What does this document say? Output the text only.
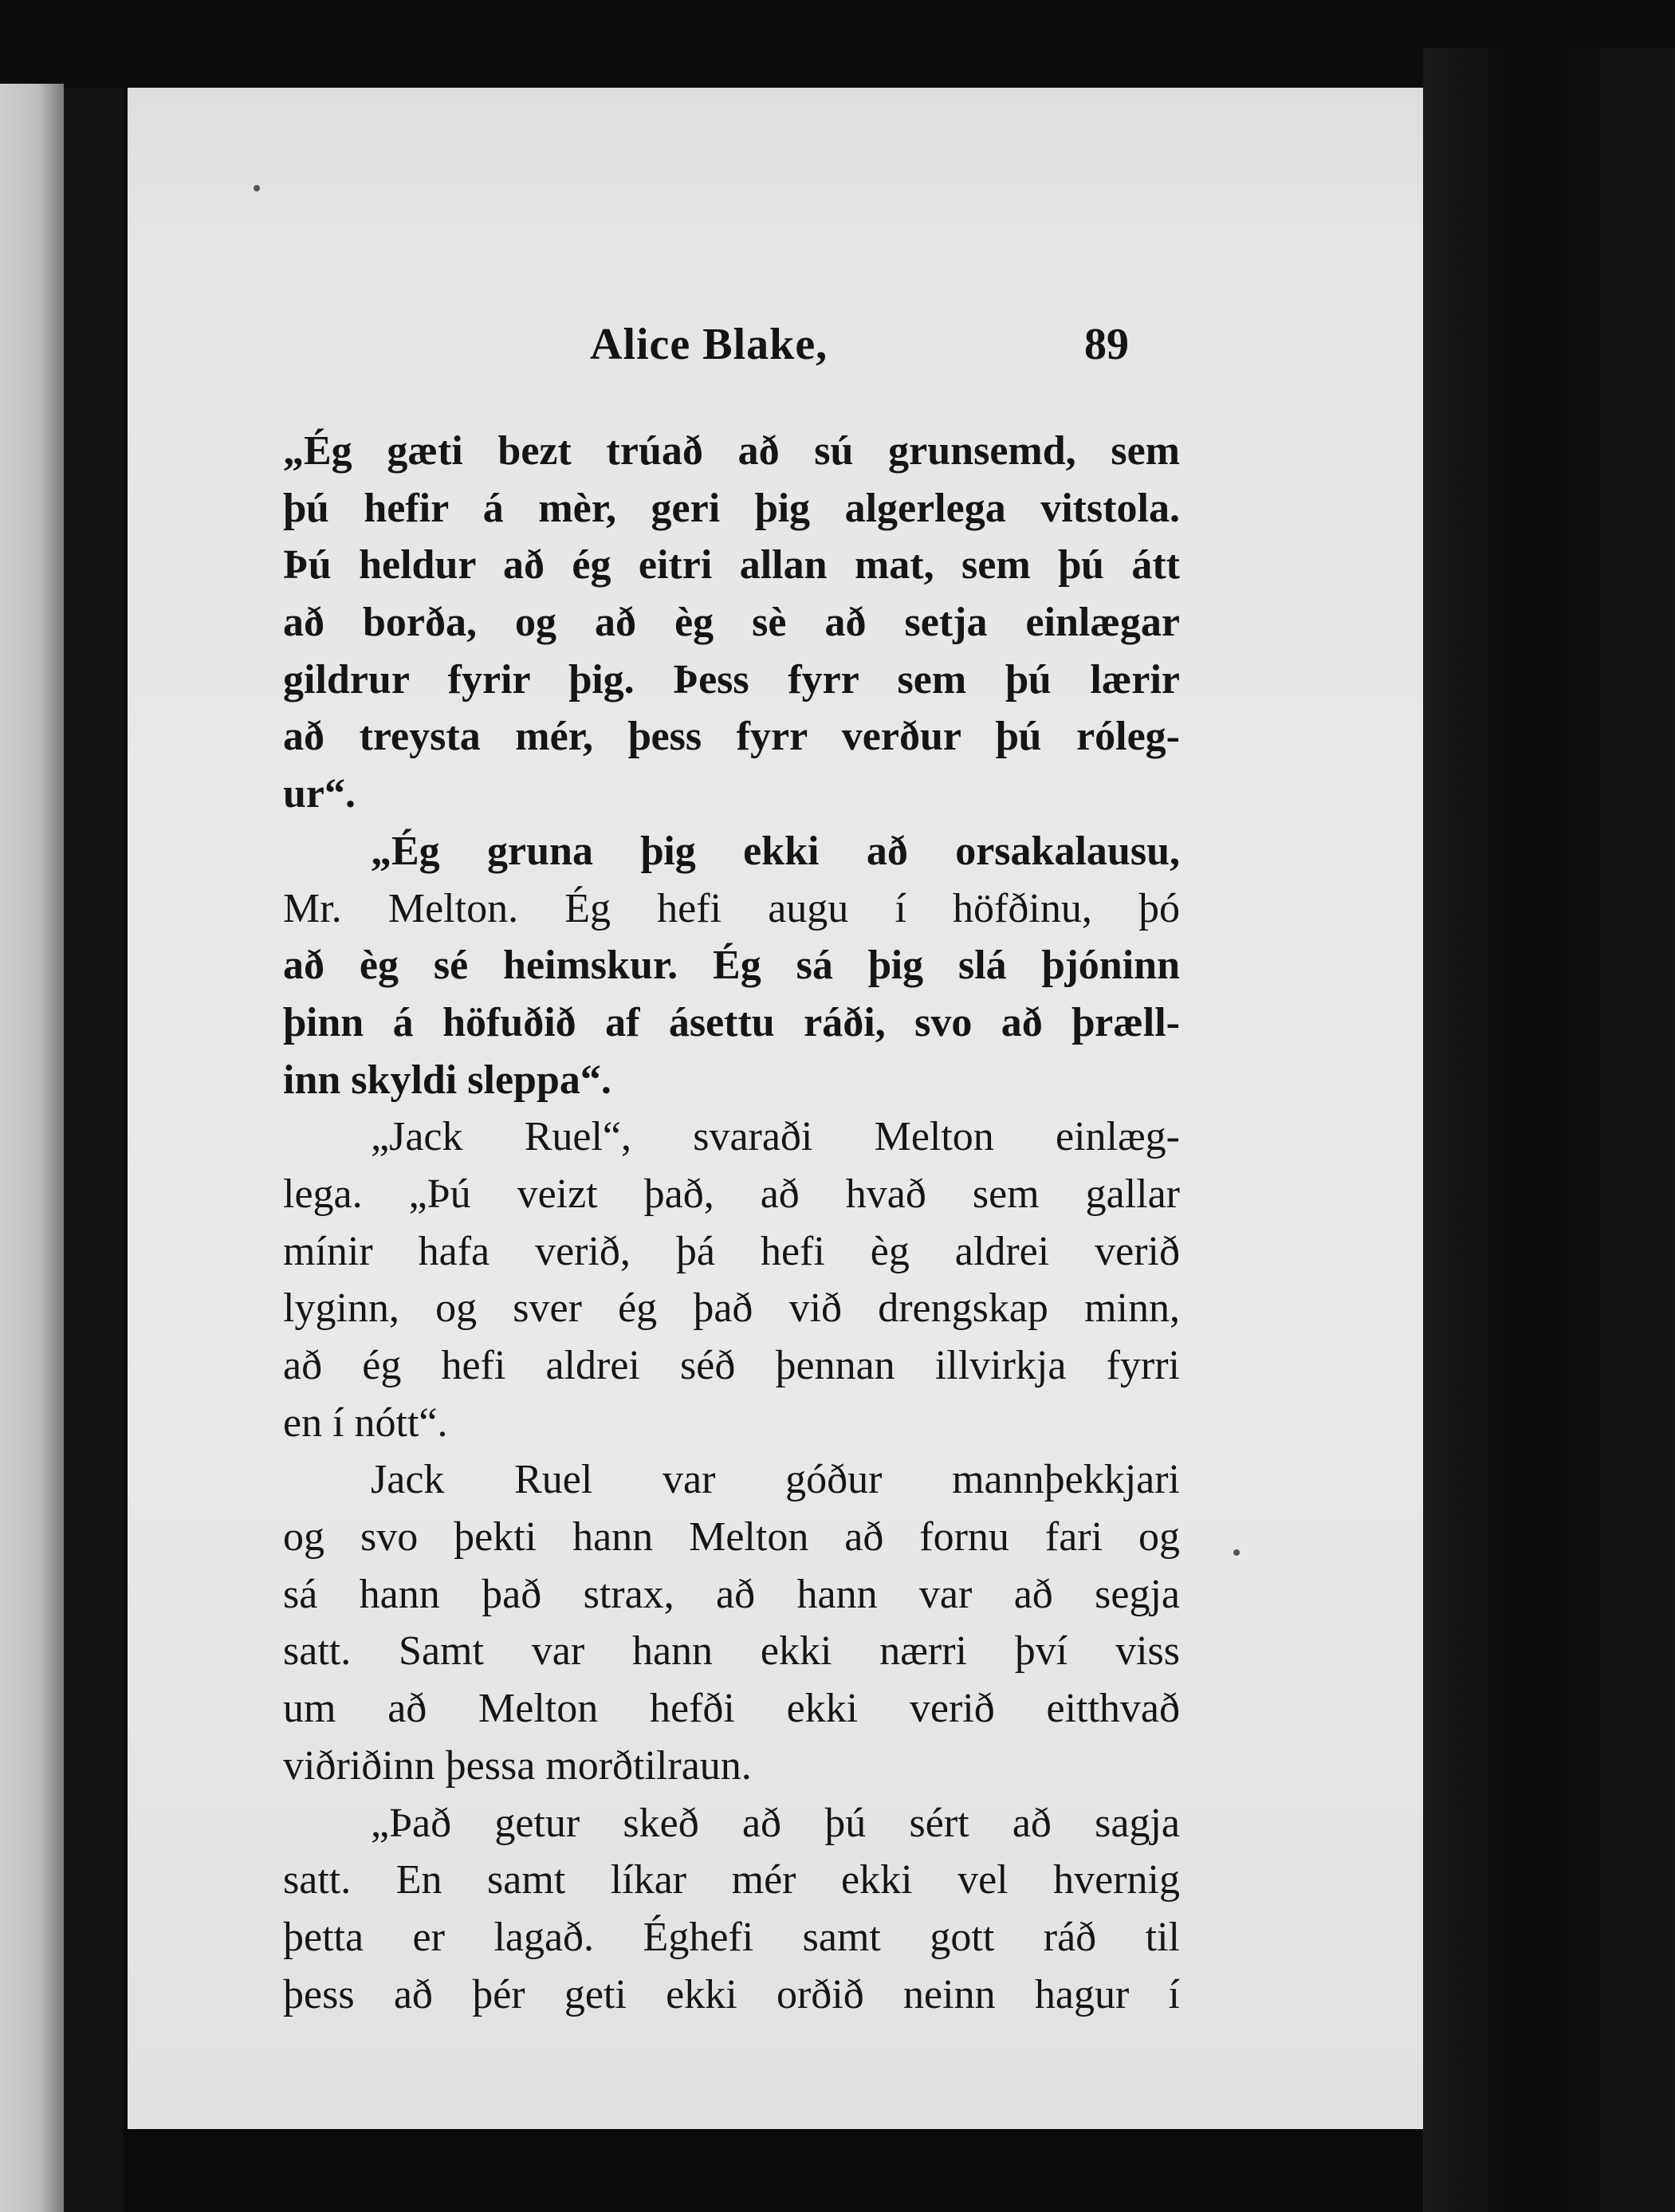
Alice Blake,	89
„Ég gæti bezt trúað að sú grunsemd, sem
þú hefir á mèr, geri þig algerlega vitstola.
Þú heldur að ég eitri allan mat, sem þú átt
að borða, og að èg sè að setja einlægar
gildrur fyrir þig. Þess fyrr sem þú lærir
að treysta mér, þess fyrr verður þú róleg-
ur“.
„Ég gruna þig ekki að orsakalausu,
Mr. Melton. Ég hefi augu í höfðinu, þó
að èg sé heimskur. Ég sá þig slá þjóninn
þinn á höfuðið af ásettu ráði, svo að þræll-
inn skyldi sleppa“.
„Jack Ruel“, svaraði Melton einlæg-
lega. „Þú veizt það, að hvað sem gallar
mínir hafa verið, þá hefi èg aldrei verið
lyginn, og sver ég það við drengskap minn,
að ég hefi aldrei séð þennan illvirkja fyrri
en í nótt“.
Jack Ruel var góður mannþekkjari
og svo þekti hann Melton að fornu fari og
sá hann það strax, að hann var að segja
satt. Samt var hann ekki nærri því viss
um að Melton hefði ekki verið eitthvað
viðriðinn þessa morðtilraun.
„Það getur skeð að þú sért að sagja
satt. En samt líkar mér ekki vel hvernig
þetta er lagað. Éghefi samt gott ráð til
þess að þér geti ekki orðið neinn hagur í
